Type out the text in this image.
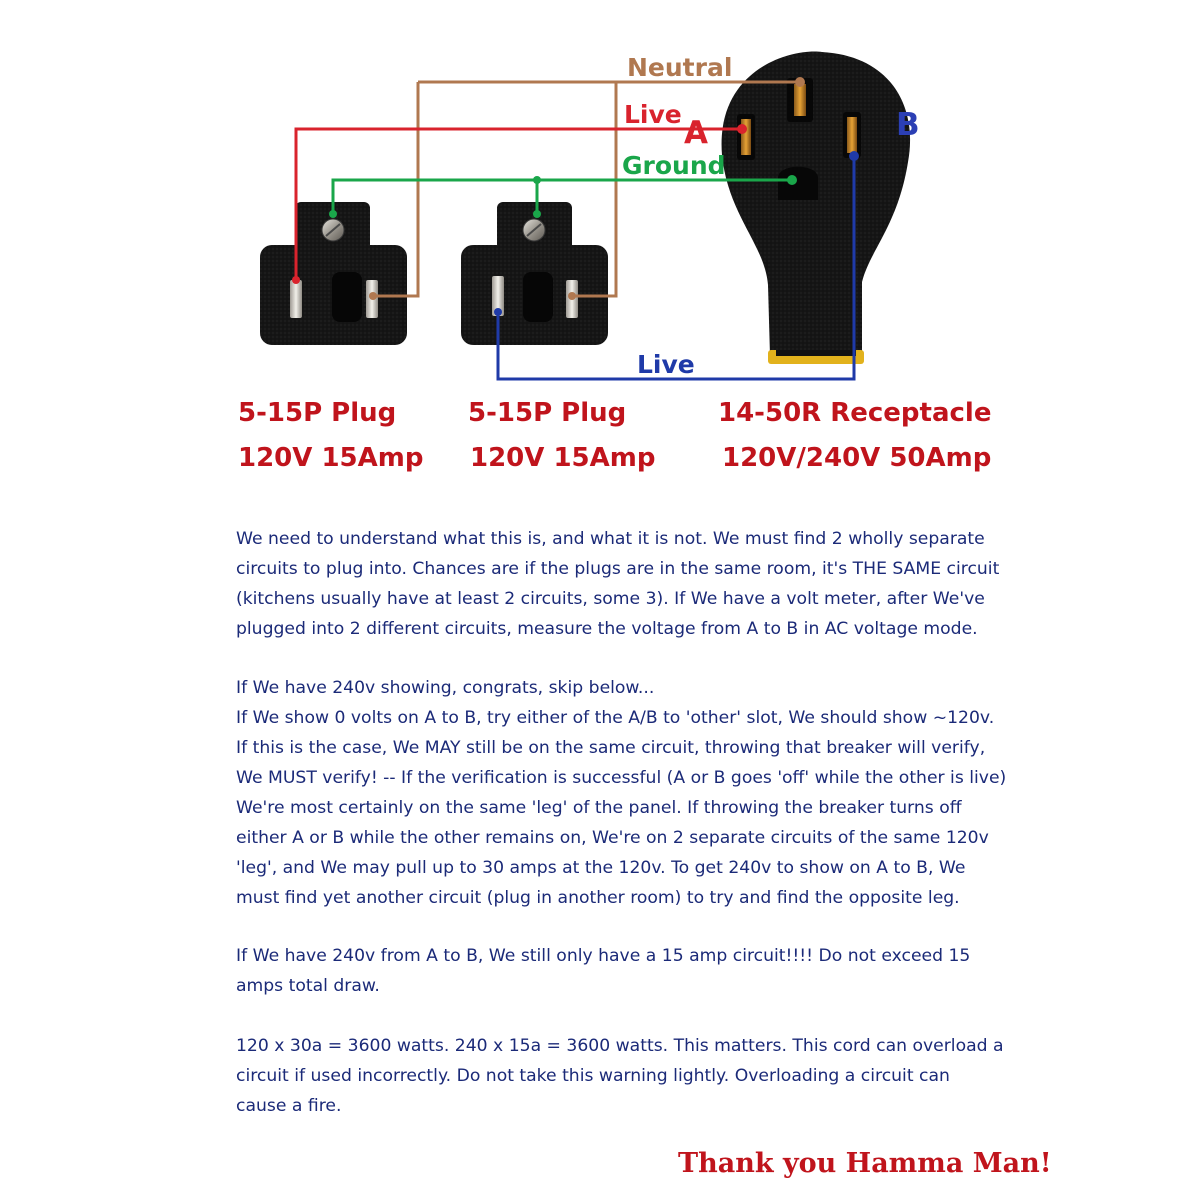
Neutral
Live
Ground
Live
A	B
5-15P Plug
120V 15Amp
5-15P Plug
120V 15Amp
14-50R Receptacle
120V/240V 50Amp

We need to understand what this is, and what it is not. We must find 2 wholly separate

circuits to plug into. Chances are if the plugs are in the same room, it's THE SAME circuit

(kitchens usually have at least 2 circuits, some 3). If We have a volt meter, after We've

plugged into 2 different circuits, measure the voltage from A to B in AC voltage mode.

If We have 240v showing, congrats, skip below...

If We show 0 volts on A to B, try either of the A/B to 'other' slot, We should show ~120v.

If this is the case, We MAY still be on the same circuit, throwing that breaker will verify,

We MUST verify! -- If the verification is successful (A or B goes 'off' while the other is live)

We're most certainly on the same 'leg' of the panel. If throwing the breaker turns off

either A or B while the other remains on, We're on 2 separate circuits of the same 120v

'leg', and We may pull up to 30 amps at the 120v. To get 240v to show on A to B, We

must find yet another circuit (plug in another room) to try and find the opposite leg.

If We have 240v from A to B, We still only have a 15 amp circuit!!!! Do not exceed 15

amps total draw.

120 x 30a = 3600 watts. 240 x 15a = 3600 watts. This matters. This cord can overload a

circuit if used incorrectly. Do not take this warning lightly. Overloading a circuit can

cause a fire.

Thank you Hamma Man!
